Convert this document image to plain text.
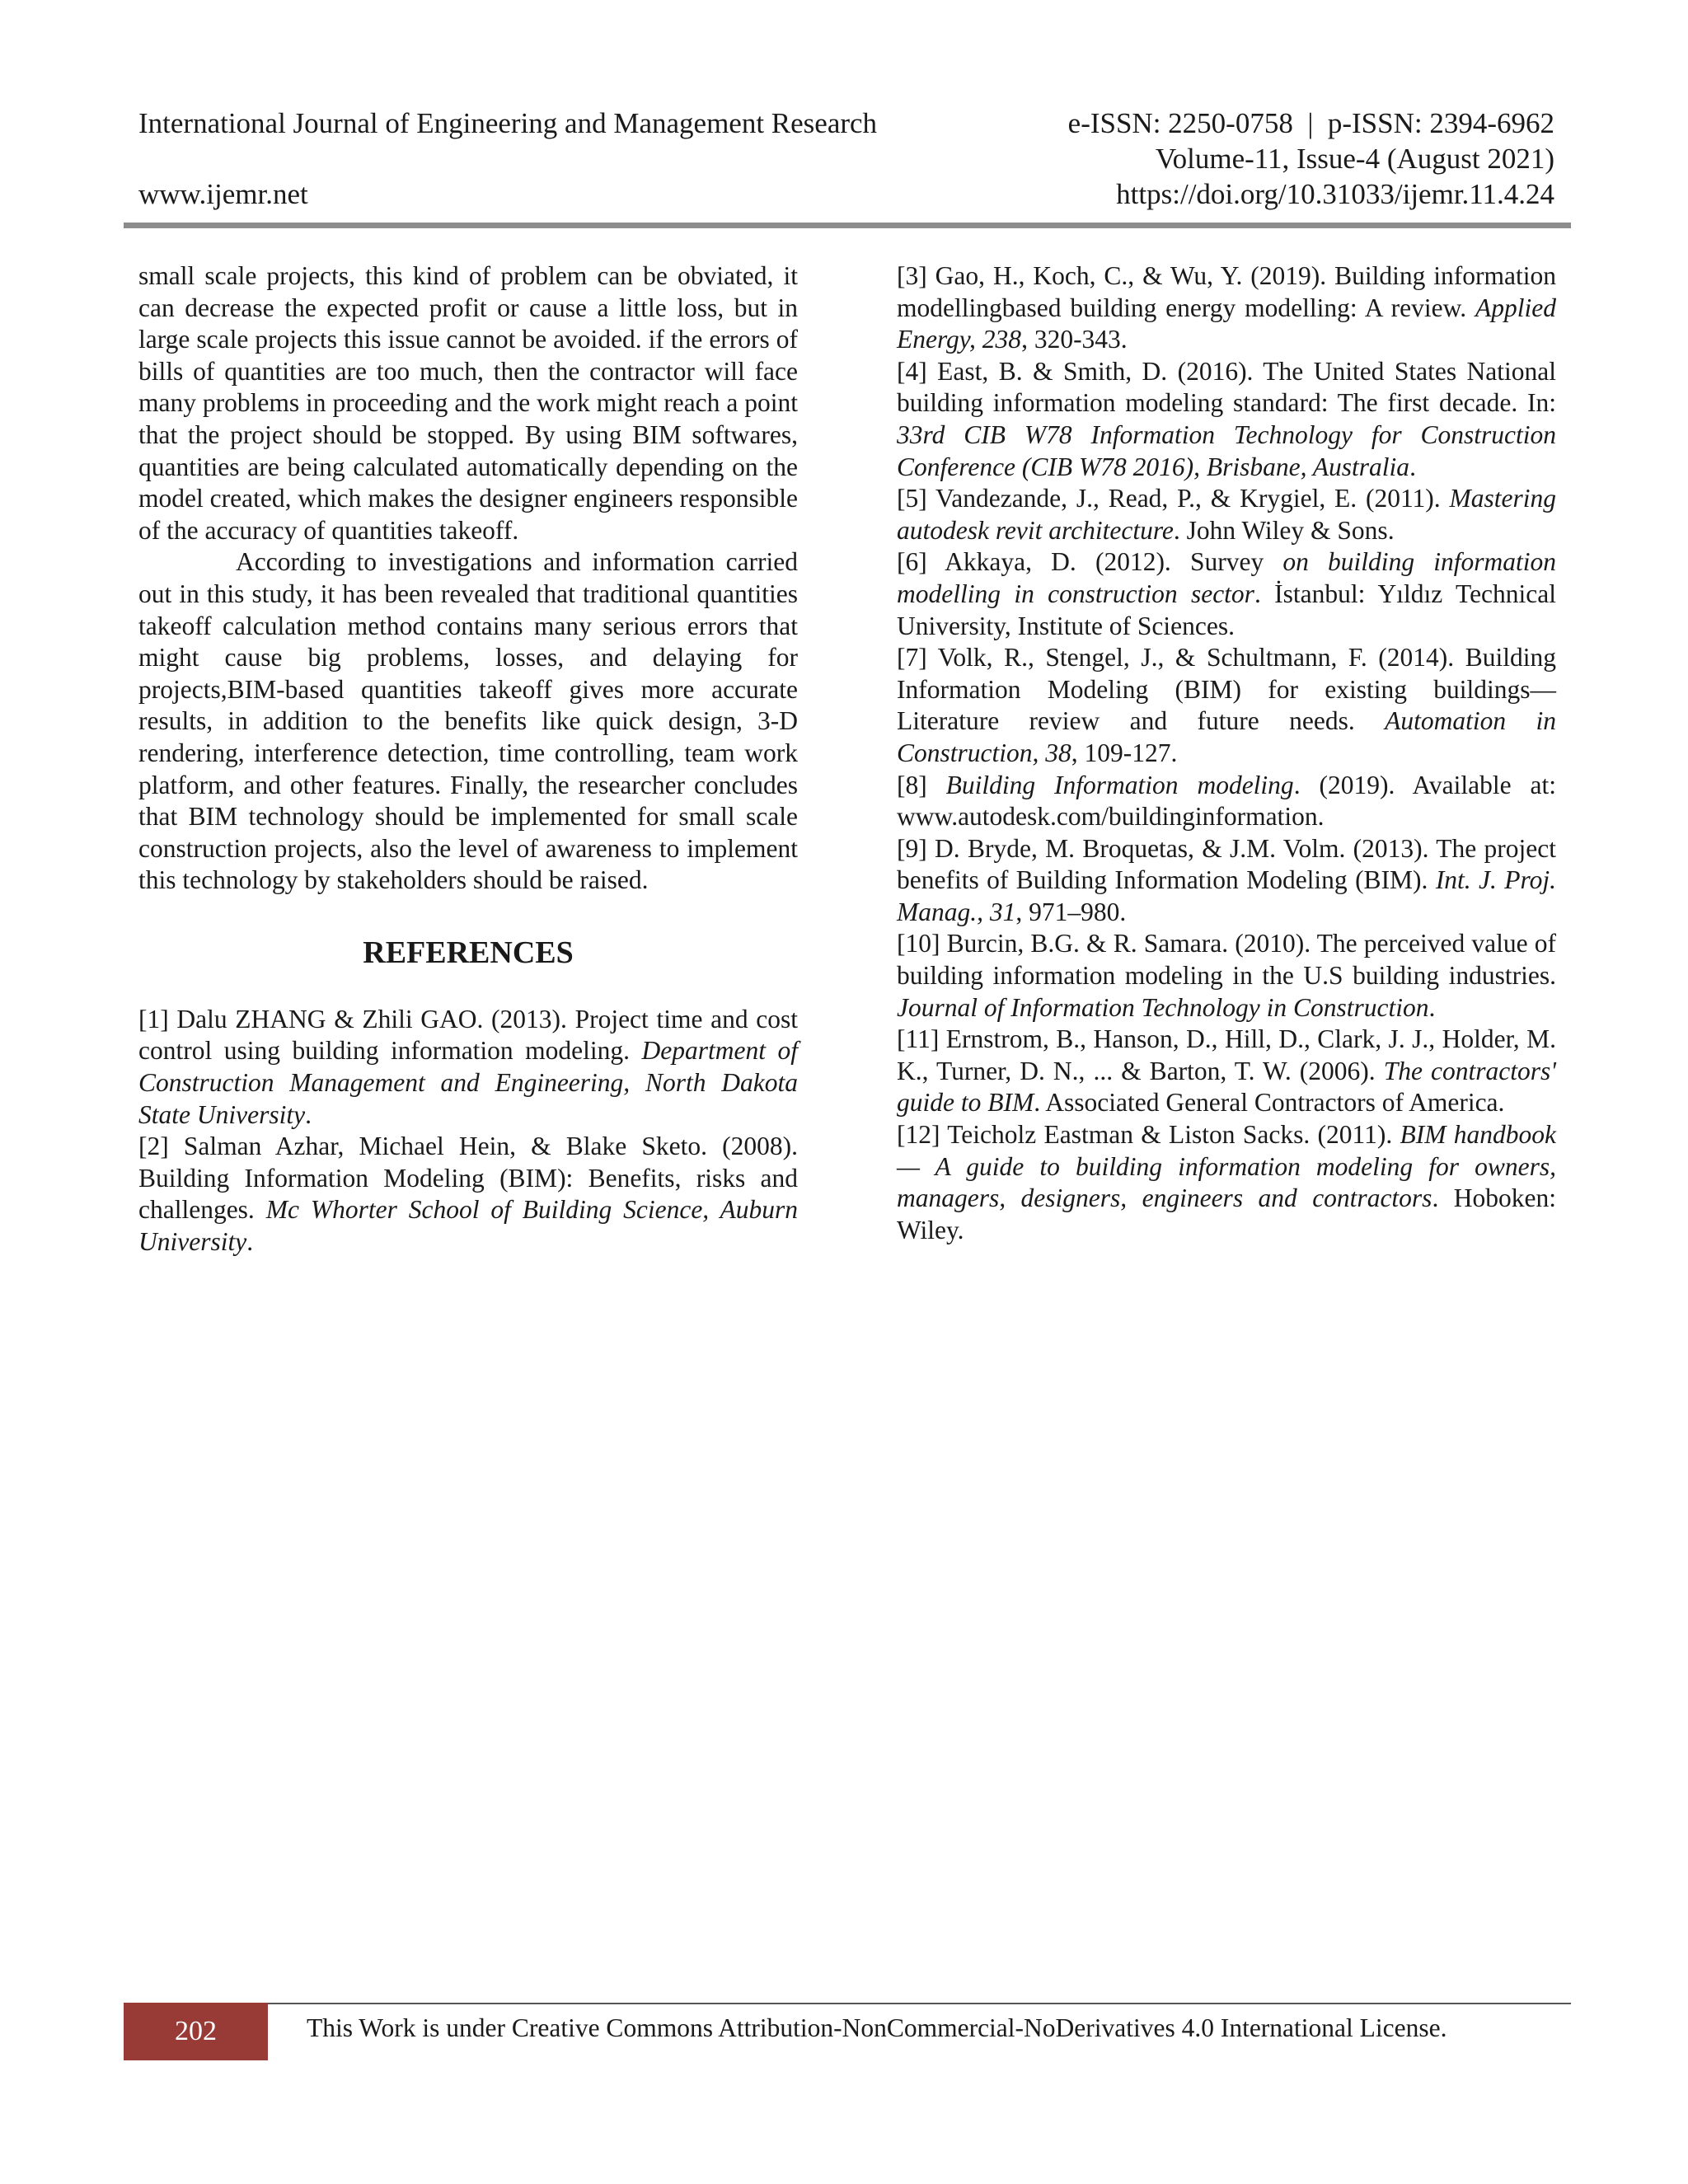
International Journal of Engineering and Management Research	e-ISSN: 2250-0758  |  p-ISSN: 2394-6962
Volume-11, Issue-4 (August 2021)
www.ijemr.net	https://doi.org/10.31033/ijemr.11.4.24

small scale projects, this kind of problem can be obviated, it can decrease the expected profit or cause a little loss, but in large scale projects this issue cannot be avoided. if the errors of bills of quantities are too much, then the contractor will face many problems in proceeding and the work might reach a point that the project should be stopped. By using BIM softwares, quantities are being calculated automatically depending on the model created, which makes the designer engineers responsible of the accuracy of quantities takeoff.

According to investigations and information carried out in this study, it has been revealed that traditional quantities takeoff calculation method contains many serious errors that might cause big problems, losses, and delaying for projects,BIM-based quantities takeoff gives more accurate results, in addition to the benefits like quick design, 3-D rendering, interference detection, time controlling, team work platform, and other features. Finally, the researcher concludes that BIM technology should be implemented for small scale construction projects, also the level of awareness to implement this technology by stakeholders should be raised.

REFERENCES

[1] Dalu ZHANG & Zhili GAO. (2013). Project time and cost control using building information modeling. Department of Construction Management and Engineering, North Dakota State University.

[2] Salman Azhar, Michael Hein, & Blake Sketo. (2008). Building Information Modeling (BIM): Benefits, risks and challenges. Mc Whorter School of Building Science, Auburn University.

[3] Gao, H., Koch, C., & Wu, Y. (2019). Building information modellingbased building energy modelling: A review. Applied Energy, 238, 320-343.

[4] East, B. & Smith, D. (2016). The United States National building information modeling standard: The first decade. In: 33rd CIB W78 Information Technology for Construction Conference (CIB W78 2016), Brisbane, Australia.

[5] Vandezande, J., Read, P., & Krygiel, E. (2011). Mastering autodesk revit architecture. John Wiley & Sons.

[6] Akkaya, D. (2012). Survey on building information modelling in construction sector. İstanbul: Yıldız Technical University, Institute of Sciences.

[7] Volk, R., Stengel, J., & Schultmann, F. (2014). Building Information Modeling (BIM) for existing buildings—Literature review and future needs. Automation in Construction, 38, 109-127.

[8] Building Information modeling. (2019). Available at: www.autodesk.com/buildinginformation.

[9] D. Bryde, M. Broquetas, & J.M. Volm. (2013). The project benefits of Building Information Modeling (BIM). Int. J. Proj. Manag., 31, 971–980.

[10] Burcin, B.G. & R. Samara. (2010). The perceived value of building information modeling in the U.S building industries. Journal of Information Technology in Construction.

[11] Ernstrom, B., Hanson, D., Hill, D., Clark, J. J., Holder, M. K., Turner, D. N., ... & Barton, T. W. (2006). The contractors' guide to BIM. Associated General Contractors of America.

[12] Teicholz Eastman & Liston Sacks. (2011). BIM handbook — A guide to building information modeling for owners, managers, designers, engineers and contractors. Hoboken: Wiley.

202	This Work is under Creative Commons Attribution-NonCommercial-NoDerivatives 4.0 International License.
